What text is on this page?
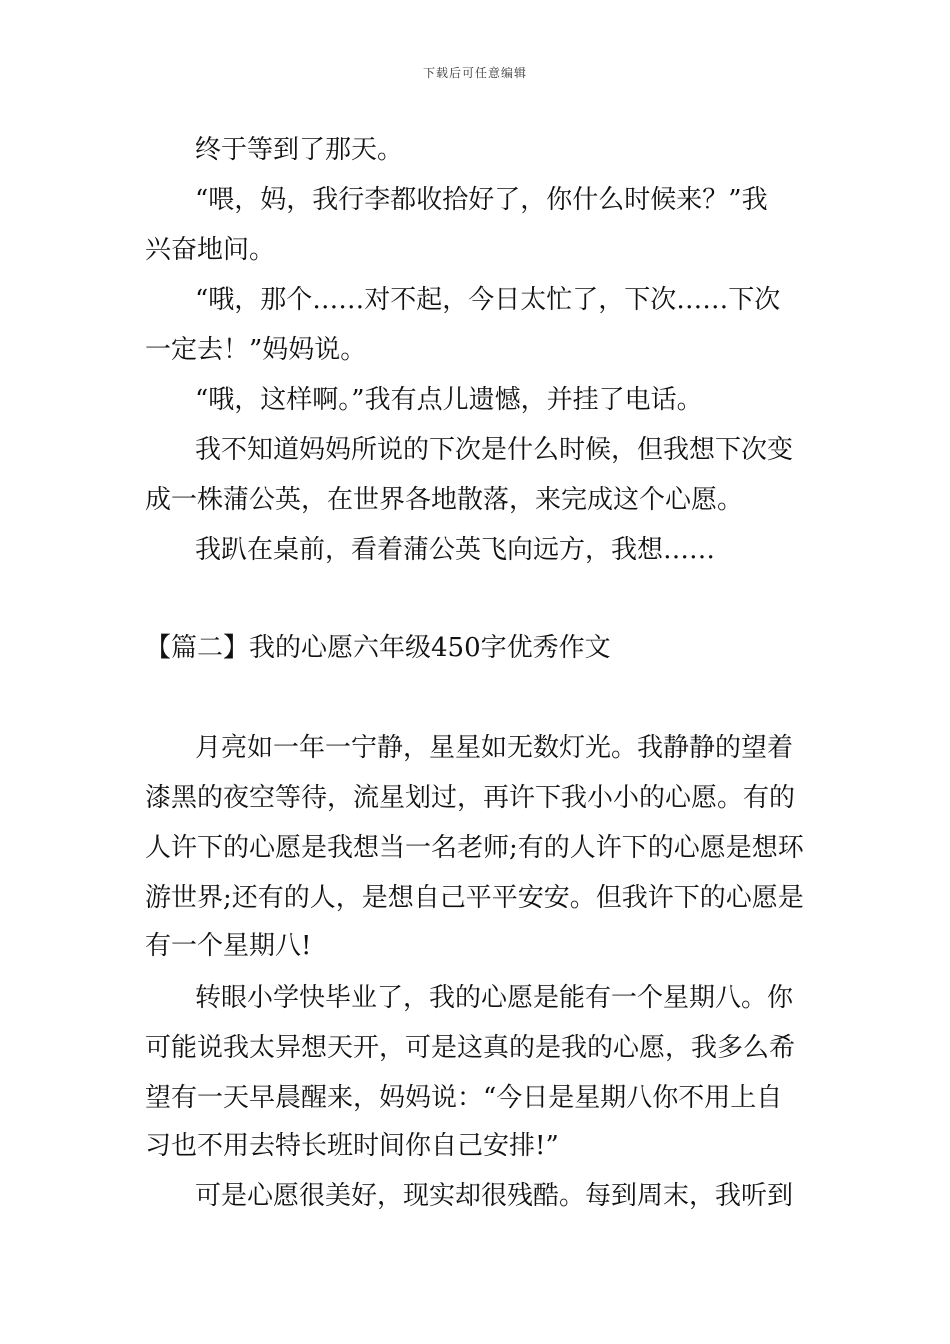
下载后可任意编辑
终于等到了那天。
“喂，妈，我行李都收拾好了，你什么时候来？”我
兴奋地问。
“哦，那个……对不起，今日太忙了，下次……下次
一定去！”妈妈说。
“哦，这样啊。”我有点儿遗憾，并挂了电话。
我不知道妈妈所说的下次是什么时候，但我想下次变
成一株蒲公英，在世界各地散落，来完成这个心愿。
我趴在桌前，看着蒲公英飞向远方，我想……
【篇二】我的心愿六年级450字优秀作文
月亮如一年一宁静，星星如无数灯光。我静静的望着
漆黑的夜空等待，流星划过，再许下我小小的心愿。有的
人许下的心愿是我想当一名老师;有的人许下的心愿是想环
游世界;还有的人，是想自己平平安安。但我许下的心愿是
有一个星期八!
转眼小学快毕业了，我的心愿是能有一个星期八。你
可能说我太异想天开，可是这真的是我的心愿，我多么希
望有一天早晨醒来，妈妈说：“今日是星期八你不用上自
习也不用去特长班时间你自己安排!”
可是心愿很美好，现实却很残酷。每到周末，我听到
